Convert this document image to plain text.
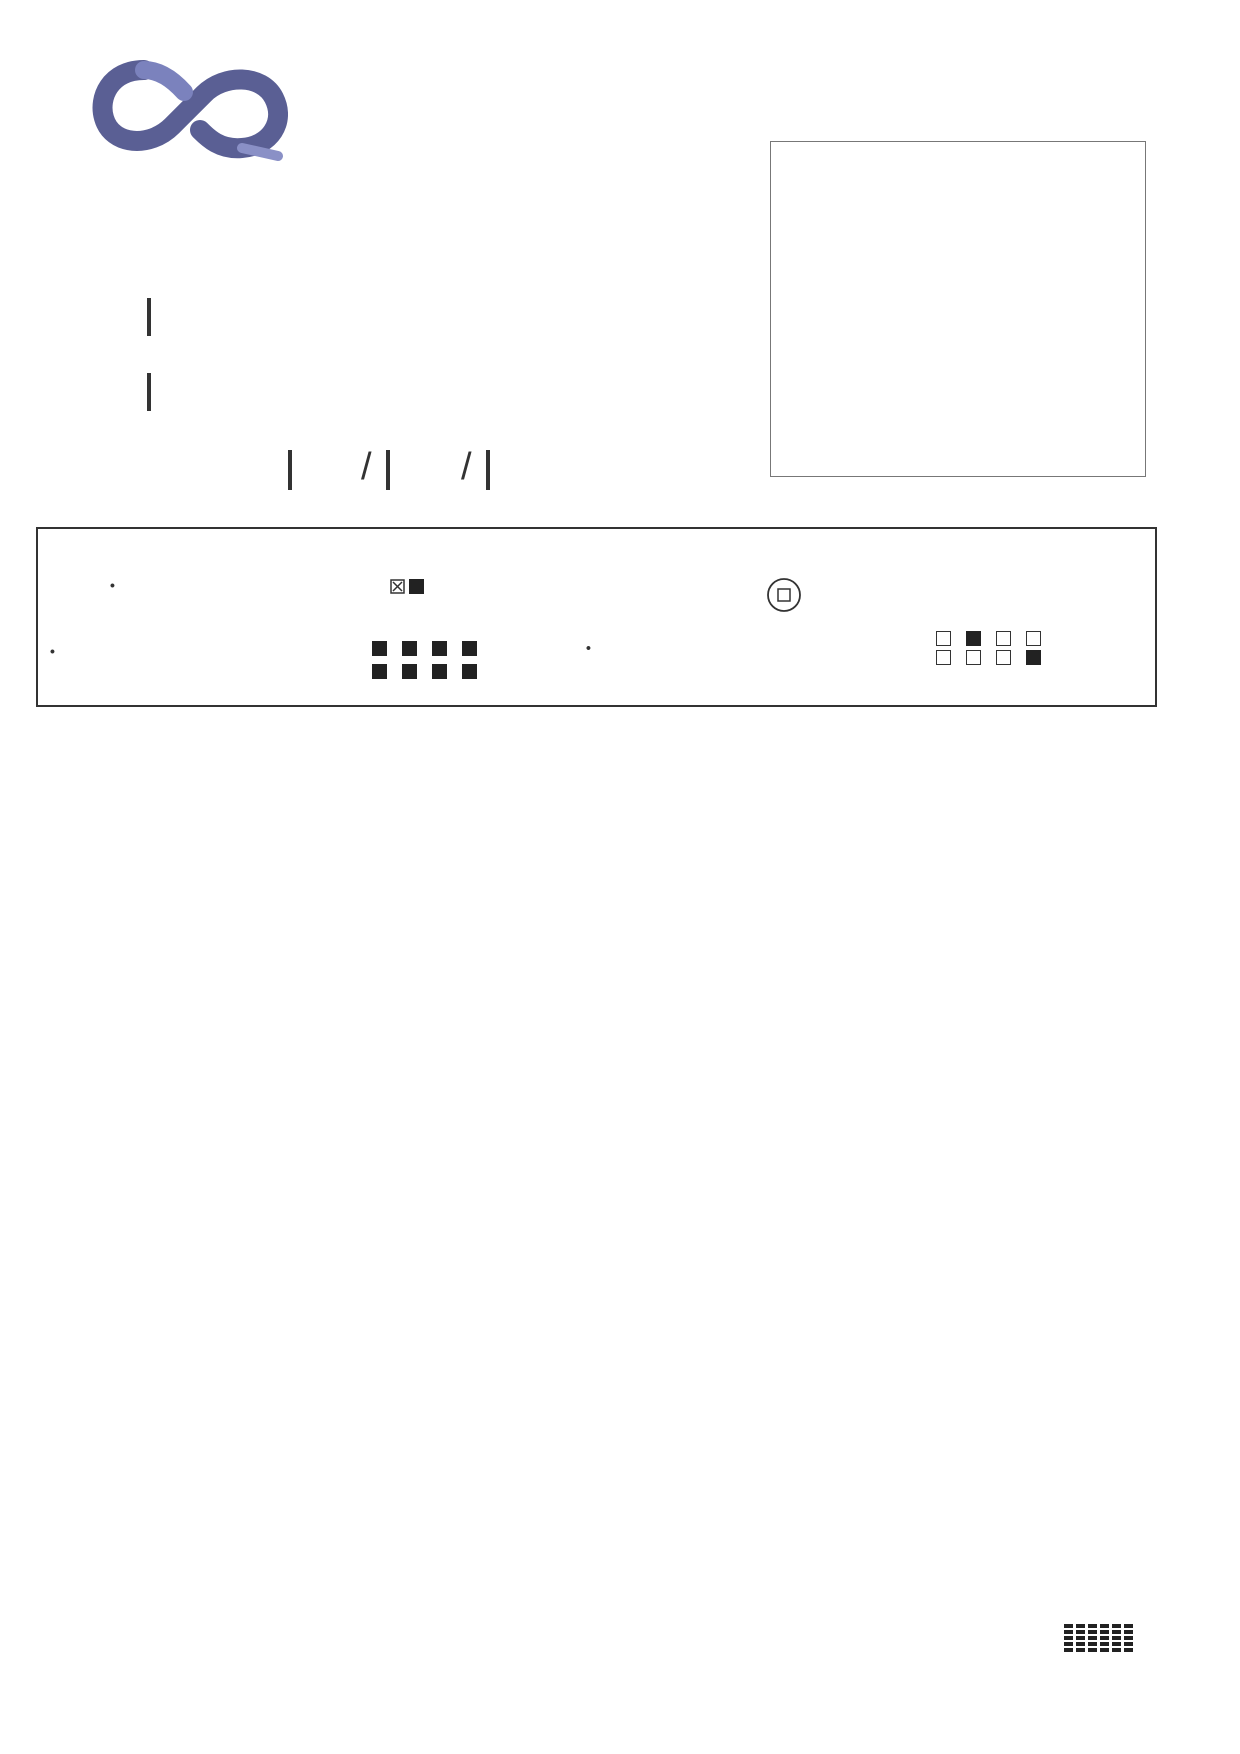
/ /

•

•	•
